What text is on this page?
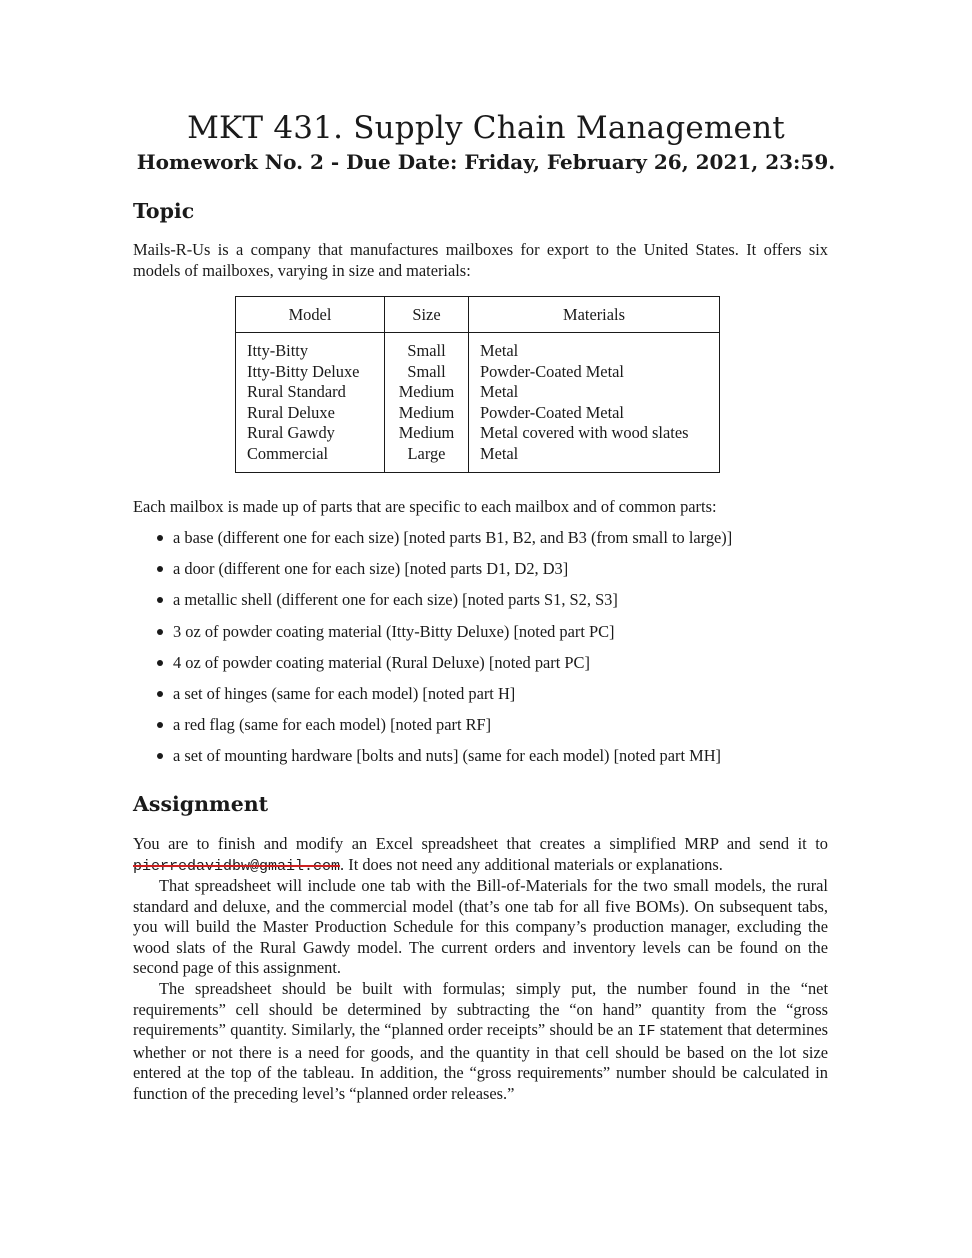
MKT 431. Supply Chain Management
Homework No. 2 - Due Date: Friday, February 26, 2021, 23:59.
Topic

Mails-R-Us is a company that manufactures mailboxes for export to the United States. It offers six models of mailboxes, varying in size and materials:

Model	Size	Materials
Itty-Bitty	Small	Metal
Itty-Bitty Deluxe	Small	Powder-Coated Metal
Rural Standard	Medium	Metal
Rural Deluxe	Medium	Powder-Coated Metal
Rural Gawdy	Medium	Metal covered with wood slates
Commercial	Large	Metal

Each mailbox is made up of parts that are specific to each mailbox and of common parts:

a base (different one for each size) [noted parts B1, B2, and B3 (from small to large)]
a door (different one for each size) [noted parts D1, D2, D3]
a metallic shell (different one for each size) [noted parts S1, S2, S3]
3 oz of powder coating material (Itty-Bitty Deluxe) [noted part PC]
4 oz of powder coating material (Rural Deluxe) [noted part PC]
a set of hinges (same for each model) [noted part H]
a red flag (same for each model) [noted part RF]
a set of mounting hardware [bolts and nuts] (same for each model) [noted part MH]
Assignment

You are to finish and modify an Excel spreadsheet that creates a simplified MRP and send it to pierredavidbw@gmail.com. It does not need any additional materials or explanations.

That spreadsheet will include one tab with the Bill-of-Materials for the two small models, the rural standard and deluxe, and the commercial model (that’s one tab for all five BOMs). On subsequent tabs, you will build the Master Production Schedule for this company’s production manager, excluding the wood slats of the Rural Gawdy model. The current orders and inventory levels can be found on the second page of this assignment.

The spreadsheet should be built with formulas; simply put, the number found in the “net requirements” cell should be determined by subtracting the “on hand” quantity from the “gross requirements” quantity. Similarly, the “planned order receipts” should be an IF statement that determines whether or not there is a need for goods, and the quantity in that cell should be based on the lot size entered at the top of the tableau. In addition, the “gross requirements” number should be calculated in function of the preceding level’s “planned order releases.”
